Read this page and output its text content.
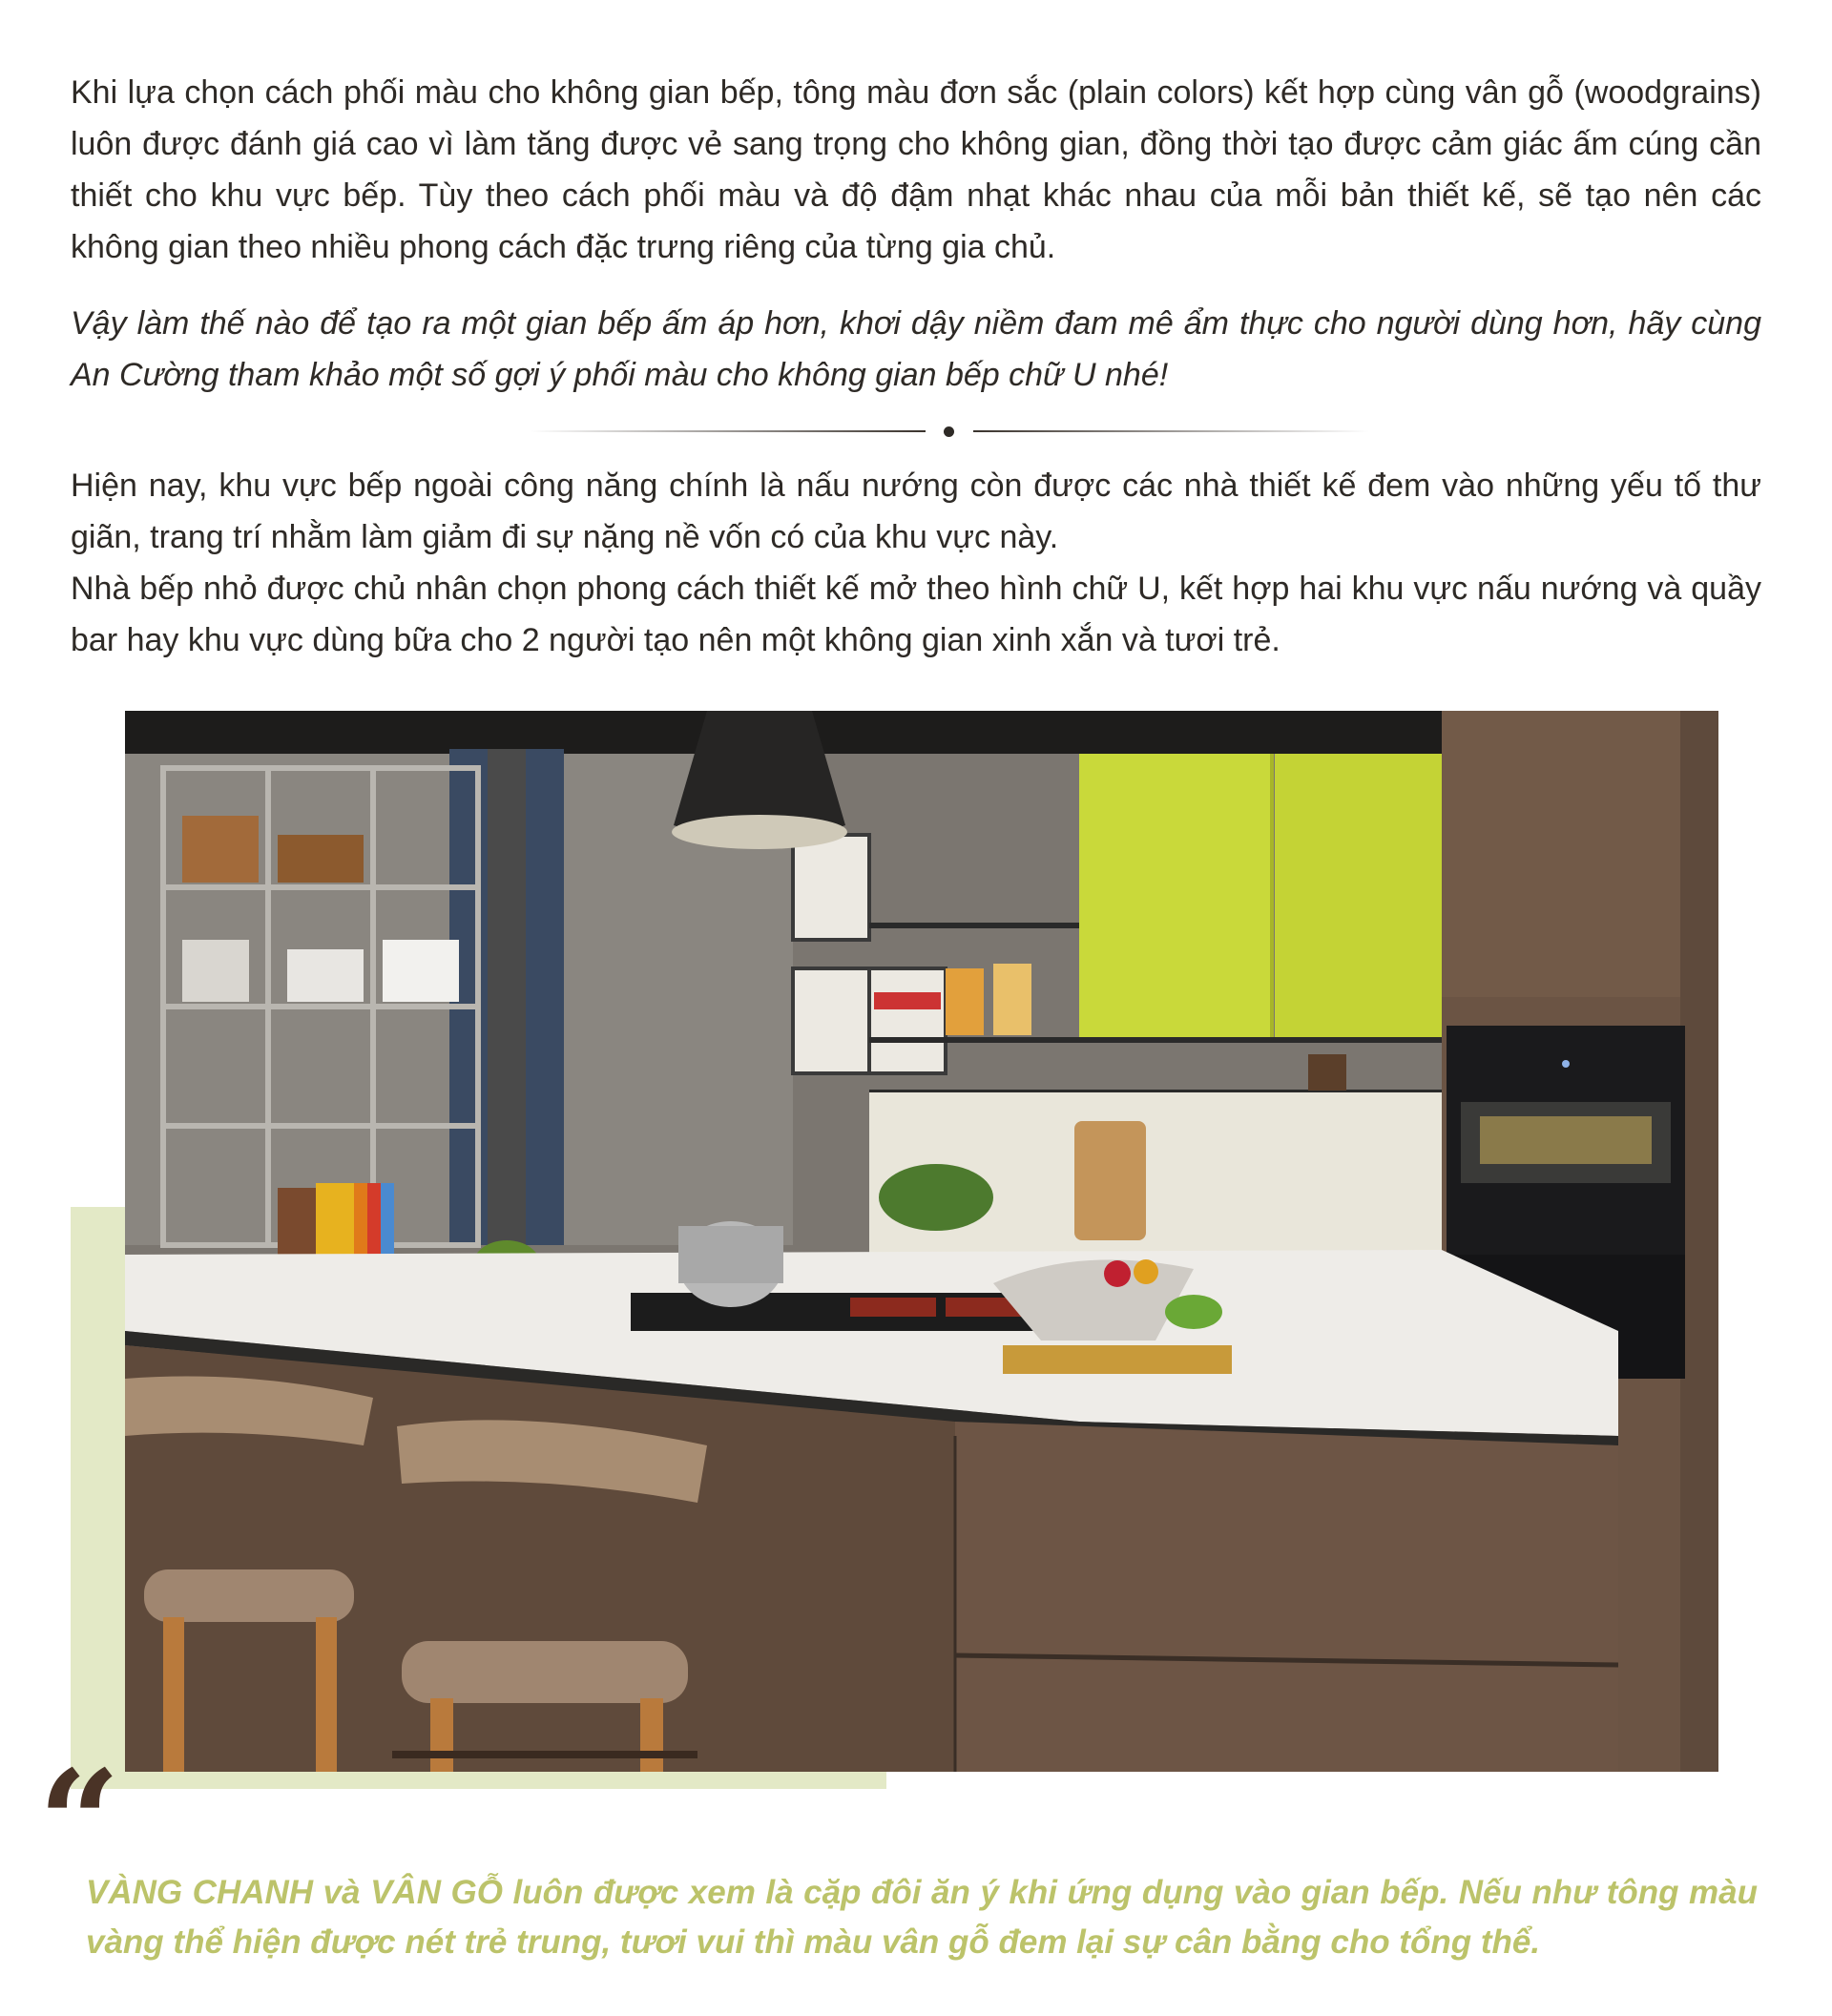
Khi lựa chọn cách phối màu cho không gian bếp, tông màu đơn sắc (plain colors) kết hợp cùng vân gỗ (woodgrains) luôn được đánh giá cao vì làm tăng được vẻ sang trọng cho không gian, đồng thời tạo được cảm giác ấm cúng cần thiết cho khu vực bếp. Tùy theo cách phối màu và độ đậm nhạt khác nhau của mỗi bản thiết kế, sẽ tạo nên các không gian theo nhiều phong cách đặc trưng riêng của từng gia chủ.

Vậy làm thế nào để tạo ra một gian bếp ấm áp hơn, khơi dậy niềm đam mê ẩm thực cho người dùng hơn, hãy cùng An Cường tham khảo một số gợi ý phối màu cho không gian bếp chữ U nhé!

Hiện nay, khu vực bếp ngoài công năng chính là nấu nướng còn được các nhà thiết kế đem vào những yếu tố thư giãn, trang trí nhằm làm giảm đi sự nặng nề vốn có của khu vực này.

Nhà bếp nhỏ được chủ nhân chọn phong cách thiết kế mở theo hình chữ U, kết hợp hai khu vực nấu nướng và quầy bar hay khu vực dùng bữa cho 2 người tạo nên một không gian xinh xắn và tươi trẻ.

“

VÀNG CHANH và VÂN GỖ luôn được xem là cặp đôi ăn ý khi ứng dụng vào gian bếp. Nếu như tông màu vàng thể hiện được nét trẻ trung, tươi vui thì màu vân gỗ đem lại sự cân bằng cho tổng thể.
